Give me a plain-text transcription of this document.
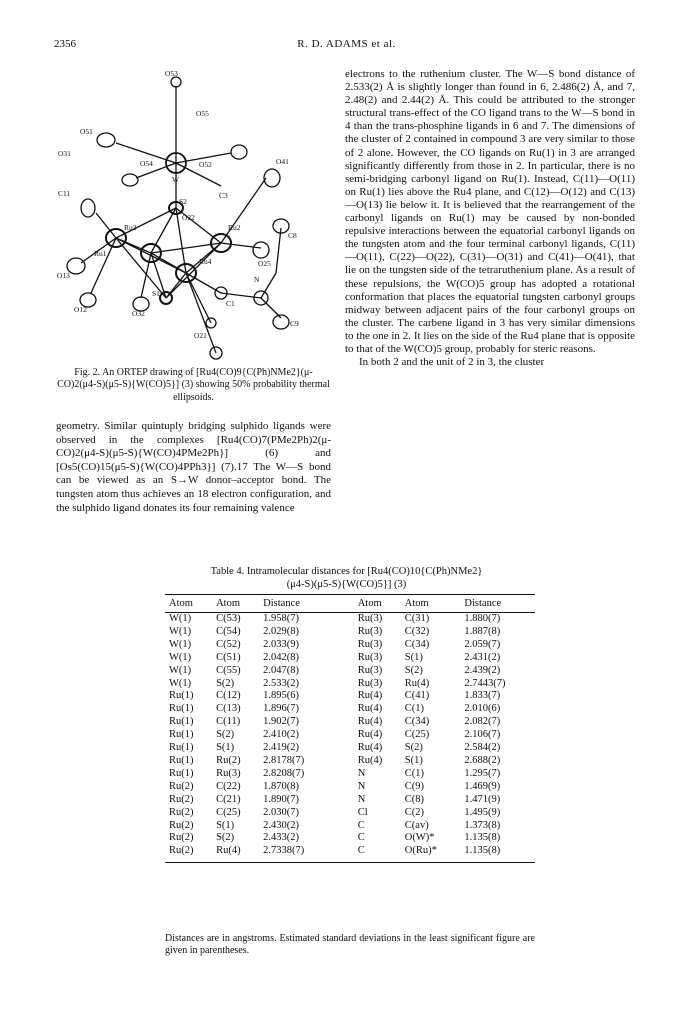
2356	R. D. ADAMS et al.
O53
O55
O51
W
O52
O54	O41
O31
C11
S2
O22
C3
Ru3
C8
Ru1
Ru2
O25
Ru4
N
O13
S1
C1
O12	O32
C9
O21
Fig. 2. An ORTEP drawing of [Ru4(CO)9{C(Ph)NMe2}(μ-CO)2(μ4-S)(μ5-S){W(CO)5}] (3) showing 50% probability thermal ellipsoids.
geometry. Similar quintuply bridging sulphido ligands were observed in the complexes [Ru4(CO)7(PMe2Ph)2(μ-CO)2(μ4-S)(μ5-S){W(CO)4PMe2Ph}] (6) and [Os5(CO)15(μ5-S){W(CO)4PPh3}] (7).17 The W—S bond can be viewed as an S→W donor–acceptor bond. The tungsten atom thus achieves an 18 electron configuration, and the sulphido ligand donates its four remaining valence
electrons to the ruthenium cluster. The W—S bond distance of 2.533(2) Å is slightly longer than found in 6, 2.486(2) Å, and 7, 2.48(2) and 2.44(2) Å. This could be attributed to the stronger structural trans-effect of the CO ligand trans to the W—S bond in 4 than the trans-phosphine ligands in 6 and 7. The dimensions of the cluster of 2 contained in compound 3 are very similar to those of 2 alone. However, the CO ligands on Ru(1) in 3 are arranged significantly differently from those in 2. In particular, there is no semi-bridging carbonyl ligand on Ru(1). Instead, C(11)—O(11) on Ru(1) lies above the Ru4 plane, and C(12)—O(12) and C(13)—O(13) lie below it. It is believed that the rearrangement of the carbonyl ligands on Ru(1) may be caused by non-bonded repulsive interactions between the equatorial carbonyl ligands on the tungsten atom and the four terminal carbonyl ligands, C(11)—O(11), C(22)—O(22), C(31)—O(31) and C(41)—O(41), that lie on the tungsten side of the tetraruthenium plane. As a result of these repulsions, the W(CO)5 group has adopted a rotational conformation that places the equatorial tungsten carbonyl groups midway between adjacent pairs of the four carbonyl groups on the cluster. The carbene ligand in 3 has very similar dimensions to the one in 2. It lies on the side of the Ru4 plane that is opposite to that of the W(CO)5 group, probably for steric reasons.
In both 2 and the unit of 2 in 3, the cluster
Table 4. Intramolecular distances for [Ru4(CO)10{C(Ph)NMe2}
(μ4-S)(μ5-S){W(CO)5}] (3)
Atom	Atom	Distance		Atom	Atom	Distance
W(1)	C(53)	1.958(7)		Ru(3)	C(31)	1.880(7)
W(1)	C(54)	2.029(8)		Ru(3)	C(32)	1.887(8)
W(1)	C(52)	2.033(9)		Ru(3)	C(34)	2.059(7)
W(1)	C(51)	2.042(8)		Ru(3)	S(1)	2.431(2)
W(1)	C(55)	2.047(8)		Ru(3)	S(2)	2.439(2)
W(1)	S(2)	2.533(2)		Ru(3)	Ru(4)	2.7443(7)
Ru(1)	C(12)	1.895(6)		Ru(4)	C(41)	1.833(7)
Ru(1)	C(13)	1.896(7)		Ru(4)	C(1)	2.010(6)
Ru(1)	C(11)	1.902(7)		Ru(4)	C(34)	2.082(7)
Ru(1)	S(2)	2.410(2)		Ru(4)	C(25)	2.106(7)
Ru(1)	S(1)	2.419(2)		Ru(4)	S(2)	2.584(2)
Ru(1)	Ru(2)	2.8178(7)		Ru(4)	S(1)	2.688(2)
Ru(1)	Ru(3)	2.8208(7)		N	C(1)	1.295(7)
Ru(2)	C(22)	1.870(8)		N	C(9)	1.469(9)
Ru(2)	C(21)	1.890(7)		N	C(8)	1.471(9)
Ru(2)	C(25)	2.030(7)		Cl	C(2)	1.495(9)
Ru(2)	S(1)	2.430(2)		C	C(av)	1.373(8)
Ru(2)	S(2)	2.433(2)		C	O(W)*	1.135(8)
Ru(2)	Ru(4)	2.7338(7)		C	O(Ru)*	1.135(8)
Distances are in angstroms. Estimated standard deviations in the least significant figure are given in parentheses.
